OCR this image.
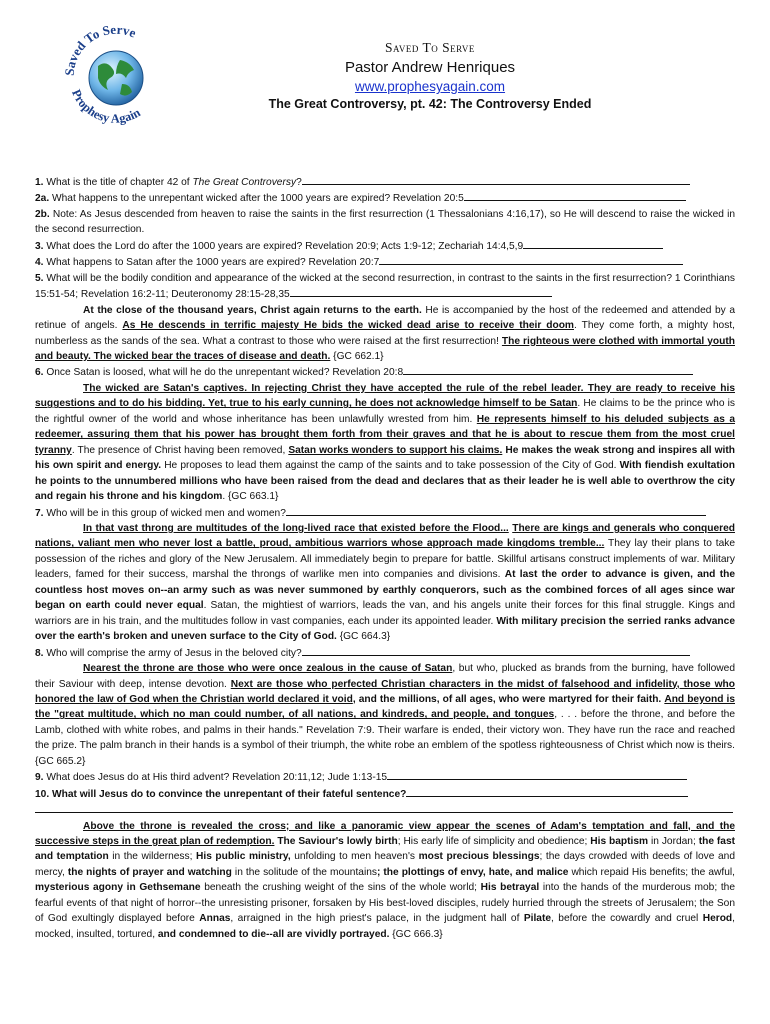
Saved To Serve
Prophesy Again
Saved To Serve
Pastor Andrew Henriques
www.prophesyagain.com
The Great Controversy, pt. 42: The Controversy Ended

1. What is the title of chapter 42 of The Great Controversy?

2a. What happens to the unrepentant wicked after the 1000 years are expired? Revelation 20:5

2b. Note: As Jesus descended from heaven to raise the saints in the first resurrection (1 Thessalonians 4:16,17), so He will descend to raise the wicked in the second resurrection.

3. What does the Lord do after the 1000 years are expired? Revelation 20:9; Acts 1:9-12; Zechariah 14:4,5,9

4. What happens to Satan after the 1000 years are expired? Revelation 20:7

5. What will be the bodily condition and appearance of the wicked at the second resurrection, in contrast to the saints in the first resurrection? 1 Corinthians 15:51-54; Revelation 16:2-11; Deuteronomy 28:15-28,35

At the close of the thousand years, Christ again returns to the earth. He is accompanied by the host of the redeemed and attended by a retinue of angels. As He descends in terrific majesty He bids the wicked dead arise to receive their doom. They come forth, a mighty host, numberless as the sands of the sea. What a contrast to those who were raised at the first resurrection! The righteous were clothed with immortal youth and beauty. The wicked bear the traces of disease and death. {GC 662.1}

6. Once Satan is loosed, what will he do the unrepentant wicked? Revelation 20:8

The wicked are Satan's captives. In rejecting Christ they have accepted the rule of the rebel leader. They are ready to receive his suggestions and to do his bidding. Yet, true to his early cunning, he does not acknowledge himself to be Satan. He claims to be the prince who is the rightful owner of the world and whose inheritance has been unlawfully wrested from him. He represents himself to his deluded subjects as a redeemer, assuring them that his power has brought them forth from their graves and that he is about to rescue them from the most cruel tyranny. The presence of Christ having been removed, Satan works wonders to support his claims. He makes the weak strong and inspires all with his own spirit and energy. He proposes to lead them against the camp of the saints and to take possession of the City of God. With fiendish exultation he points to the unnumbered millions who have been raised from the dead and declares that as their leader he is well able to overthrow the city and regain his throne and his kingdom. {GC 663.1}

7. Who will be in this group of wicked men and women?

In that vast throng are multitudes of the long-lived race that existed before the Flood... There are kings and generals who conquered nations, valiant men who never lost a battle, proud, ambitious warriors whose approach made kingdoms tremble... They lay their plans to take possession of the riches and glory of the New Jerusalem. All immediately begin to prepare for battle. Skillful artisans construct implements of war. Military leaders, famed for their success, marshal the throngs of warlike men into companies and divisions. At last the order to advance is given, and the countless host moves on--an army such as was never summoned by earthly conquerors, such as the combined forces of all ages since war began on earth could never equal. Satan, the mightiest of warriors, leads the van, and his angels unite their forces for this final struggle. Kings and warriors are in his train, and the multitudes follow in vast companies, each under its appointed leader. With military precision the serried ranks advance over the earth's broken and uneven surface to the City of God. {GC 664.3}

8. Who will comprise the army of Jesus in the beloved city?

Nearest the throne are those who were once zealous in the cause of Satan, but who, plucked as brands from the burning, have followed their Saviour with deep, intense devotion. Next are those who perfected Christian characters in the midst of falsehood and infidelity, those who honored the law of God when the Christian world declared it void, and the millions, of all ages, who were martyred for their faith. And beyond is the "great multitude, which no man could number, of all nations, and kindreds, and people, and tongues, . . . before the throne, and before the Lamb, clothed with white robes, and palms in their hands." Revelation 7:9. Their warfare is ended, their victory won. They have run the race and reached the prize. The palm branch in their hands is a symbol of their triumph, the white robe an emblem of the spotless righteousness of Christ which now is theirs. {GC 665.2}

9. What does Jesus do at His third advent? Revelation 20:11,12; Jude 1:13-15

10. What will Jesus do to convince the unrepentant of their fateful sentence?

Above the throne is revealed the cross; and like a panoramic view appear the scenes of Adam's temptation and fall, and the successive steps in the great plan of redemption. The Saviour's lowly birth; His early life of simplicity and obedience; His baptism in Jordan; the fast and temptation in the wilderness; His public ministry, unfolding to men heaven's most precious blessings; the days crowded with deeds of love and mercy, the nights of prayer and watching in the solitude of the mountains; the plottings of envy, hate, and malice which repaid His benefits; the awful, mysterious agony in Gethsemane beneath the crushing weight of the sins of the whole world; His betrayal into the hands of the murderous mob; the fearful events of that night of horror--the unresisting prisoner, forsaken by His best-loved disciples, rudely hurried through the streets of Jerusalem; the Son of God exultingly displayed before Annas, arraigned in the high priest's palace, in the judgment hall of Pilate, before the cowardly and cruel Herod, mocked, insulted, tortured, and condemned to die--all are vividly portrayed. {GC 666.3}
